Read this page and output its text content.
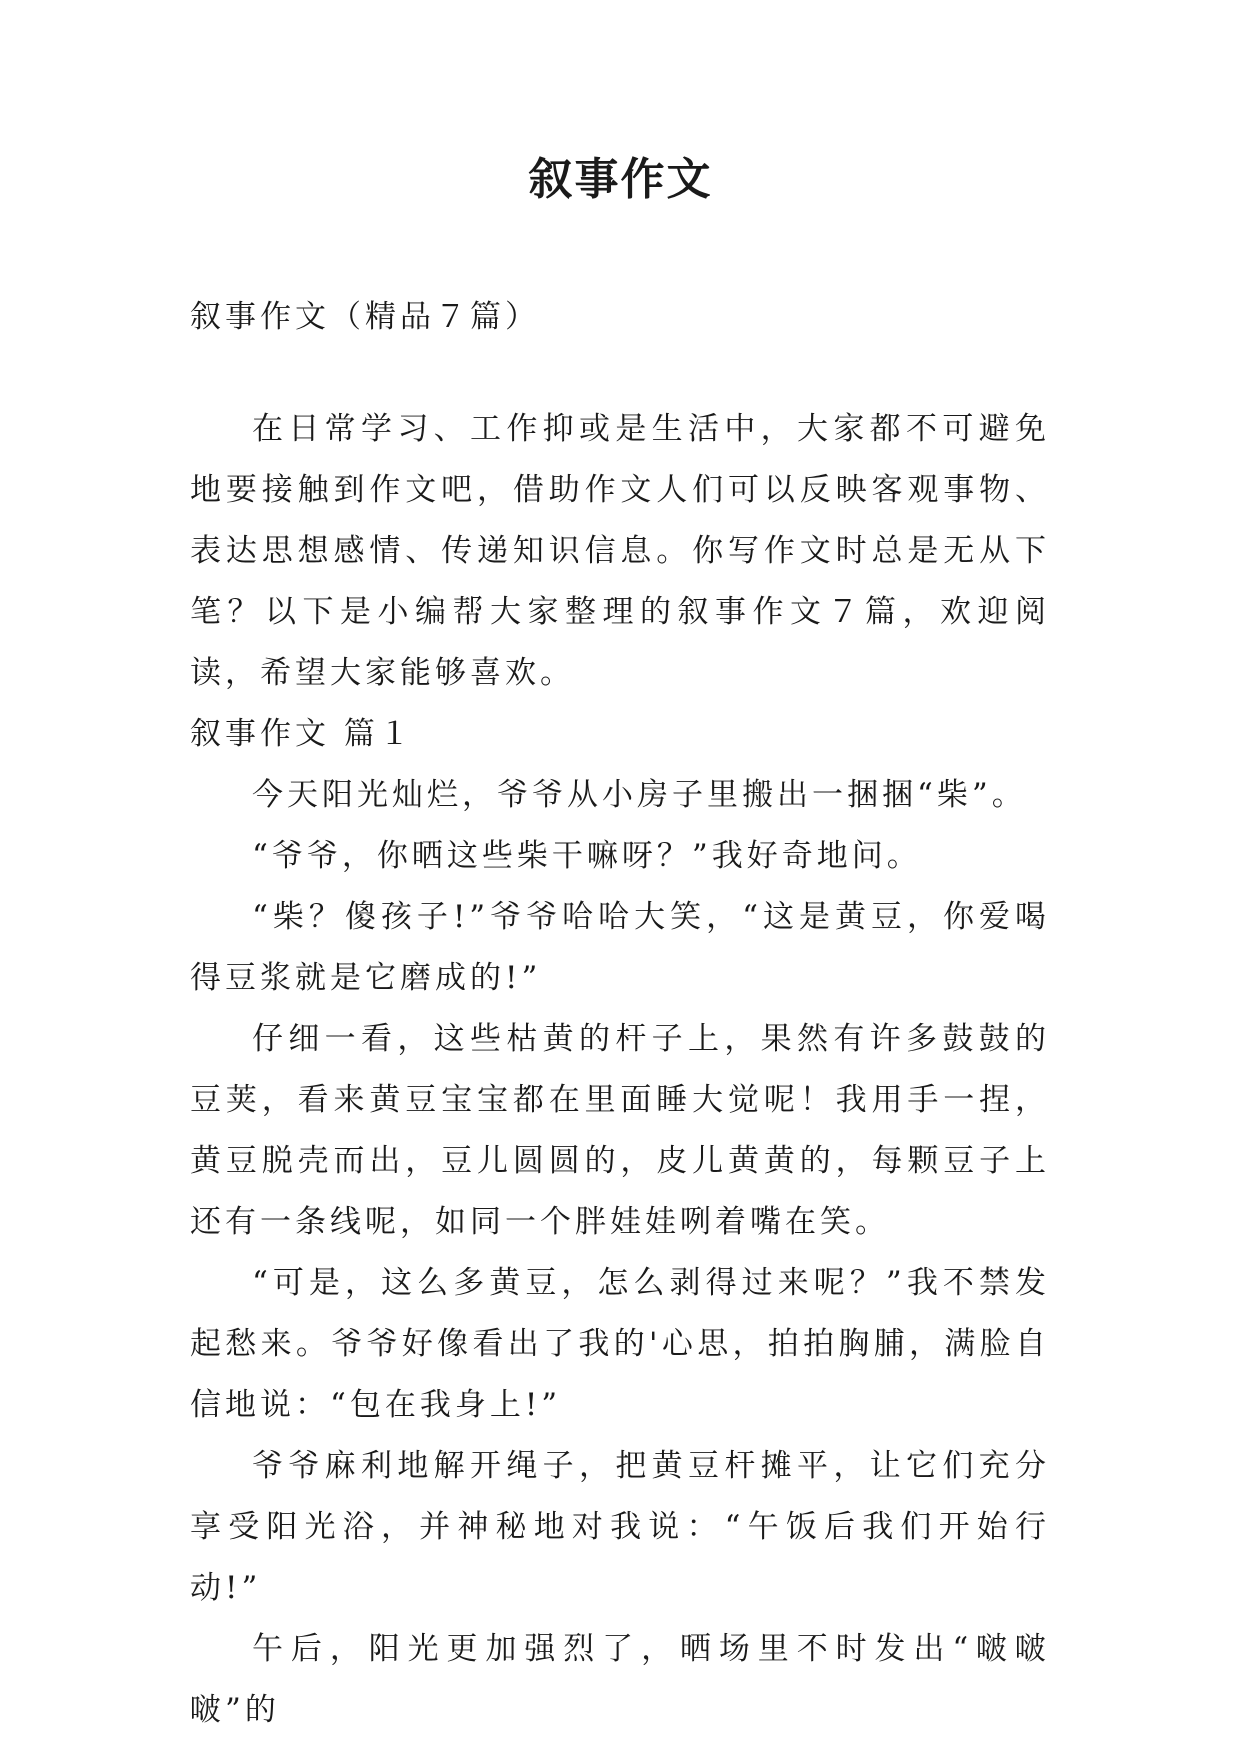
叙事作文

叙事作文（精品７篇）

在日常学习、工作抑或是生活中，大家都不可避免地要接触到作文吧，借助作文人们可以反映客观事物、表达思想感情、传递知识信息。你写作文时总是无从下笔？以下是小编帮大家整理的叙事作文７篇，欢迎阅读，希望大家能够喜欢。

叙事作文 篇１

今天阳光灿烂，爷爷从小房子里搬出一捆捆“柴”。

“爷爷，你晒这些柴干嘛呀？”我好奇地问。

“柴？傻孩子!”爷爷哈哈大笑，“这是黄豆，你爱喝得豆浆就是它磨成的!”

仔细一看，这些枯黄的杆子上，果然有许多鼓鼓的豆荚，看来黄豆宝宝都在里面睡大觉呢！我用手一捏，黄豆脱壳而出，豆儿圆圆的，皮儿黄黄的，每颗豆子上还有一条线呢，如同一个胖娃娃咧着嘴在笑。

“可是，这么多黄豆，怎么剥得过来呢？”我不禁发起愁来。爷爷好像看出了我的'心思，拍拍胸脯，满脸自信地说：“包在我身上!”

爷爷麻利地解开绳子，把黄豆杆摊平，让它们充分享受阳光浴，并神秘地对我说：“午饭后我们开始行动!”

午后，阳光更加强烈了，晒场里不时发出“啵啵啵”的
